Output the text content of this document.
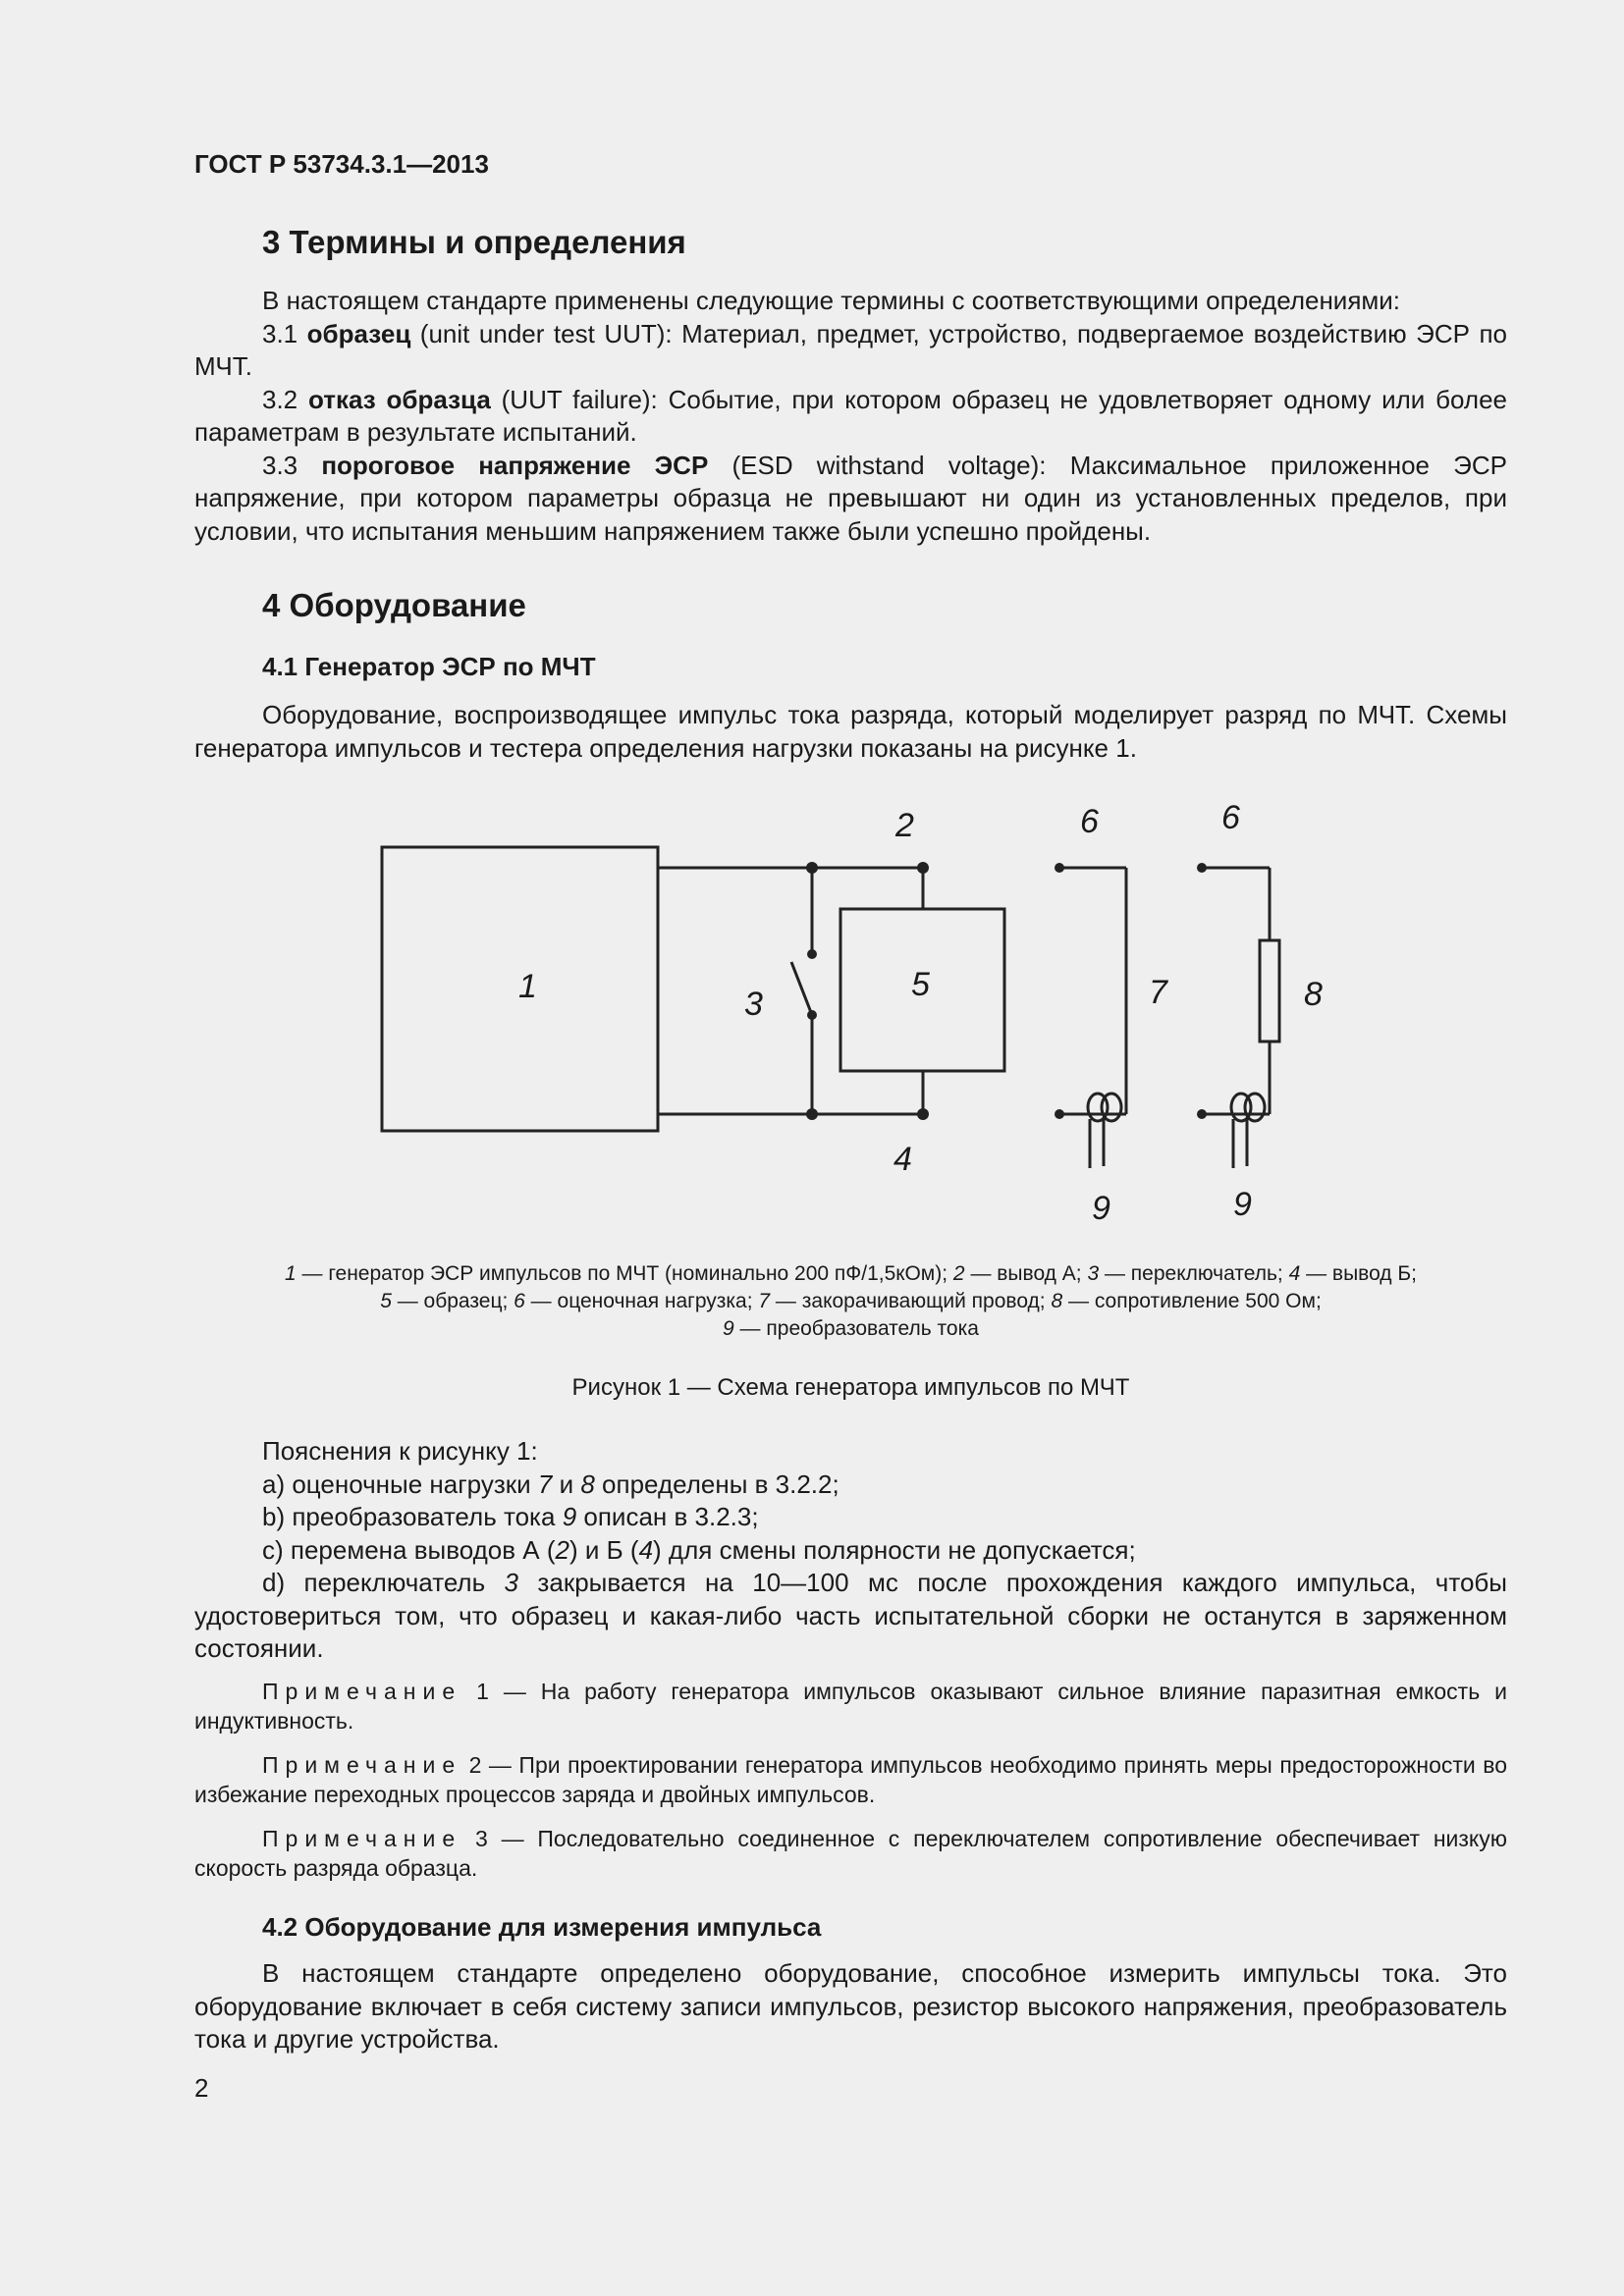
ГОСТ Р 53734.3.1—2013
3 Термины и определения

В настоящем стандарте применены следующие термины с соответствующими определениями:

3.1 образец (unit under test UUT): Материал, предмет, устройство, подвергаемое воздействию ЭСР по МЧТ.

3.2 отказ образца (UUT failure): Событие, при котором образец не удовлетворяет одному или более параметрам в результате испытаний.

3.3 пороговое напряжение ЭСР (ESD withstand voltage): Максимальное приложенное ЭСР напряжение, при котором параметры образца не превышают ни один из установленных пределов, при условии, что испытания меньшим напряжением также были успешно пройдены.

4 Оборудование
4.1 Генератор ЭСР по МЧТ

Оборудование, воспроизводящее импульс тока разряда, который моделирует разряд по МЧТ. Схемы генератора импульсов и тестера определения нагрузки показаны на рисунке 1.

1
2
3
4
5
6	6
7	8
9	9
1 — генератор ЭСР импульсов по МЧТ (номинально 200 пФ/1,5кОм); 2 — вывод А; 3 — переключатель; 4 — вывод Б;
5 — образец; 6 — оценочная нагрузка; 7 — закорачивающий провод; 8 — сопротивление 500 Ом;
9 — преобразователь тока
Рисунок 1 — Схема генератора импульсов по МЧТ

Пояснения к рисунку 1:

a) оценочные нагрузки 7 и 8 определены в 3.2.2;

b) преобразователь тока 9 описан в 3.2.3;

c) перемена выводов А (2) и Б (4) для смены полярности не допускается;

d) переключатель 3 закрывается на 10—100 мс после прохождения каждого импульса, чтобы удостовериться том, что образец и какая-либо часть испытательной сборки не останутся в заряженном состоянии.

Примечание 1 — На работу генератора импульсов оказывают сильное влияние паразитная емкость и индуктивность.

Примечание 2 — При проектировании генератора импульсов необходимо принять меры предосторожности во избежание переходных процессов заряда и двойных импульсов.

Примечание 3 — Последовательно соединенное с переключателем сопротивление обеспечивает низкую скорость разряда образца.

4.2 Оборудование для измерения импульса

В настоящем стандарте определено оборудование, способное измерить импульсы тока. Это оборудование включает в себя систему записи импульсов, резистор высокого напряжения, преобразователь тока и другие устройства.

2
